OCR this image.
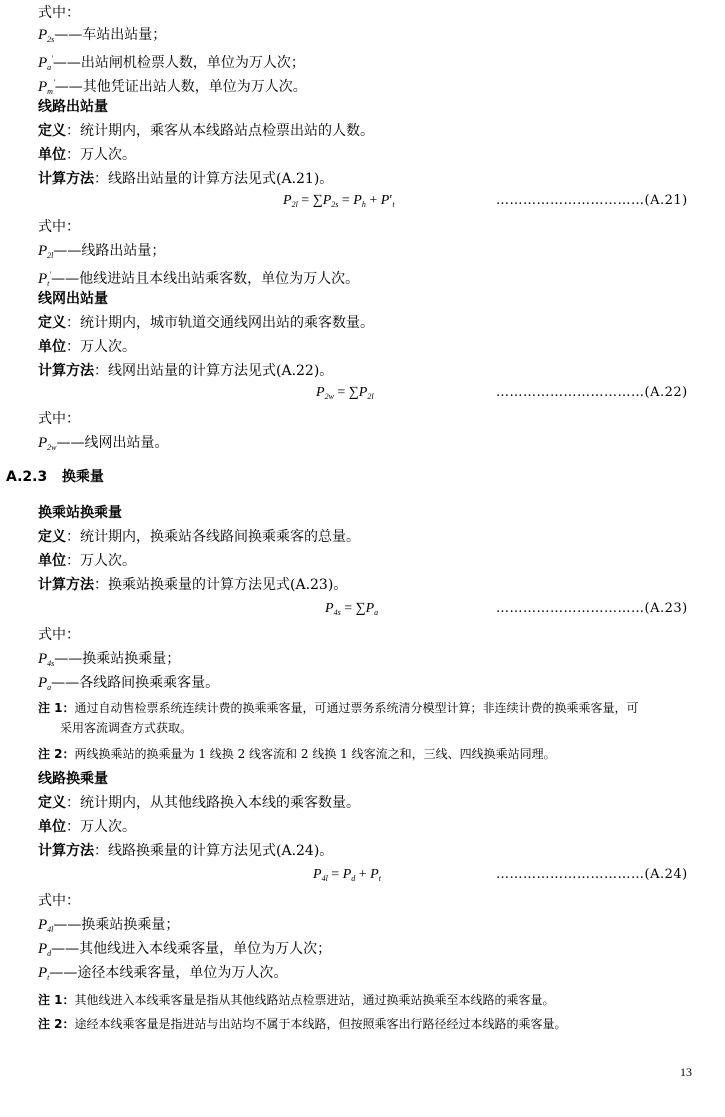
式中：
$P_{2s}——$车站出站量；
$P_a'——$出站闸机检票人数，单位为万人次；
$P_m'——$其他凭证出站人数，单位为万人次。
线路出站量
定义：统计期内，乘客从本线路站点检票出站的人数。
单位：万人次。
计算方法：线路出站量的计算方法见式(A.21)。
$P_{2l} = \sum P_{2s} = P_h + P'_t$	……………………………(A.21)
式中：
$P_{2l}——$线路出站量；
$P_t'——$他线进站且本线出站乘客数，单位为万人次。
线网出站量
定义：统计期内，城市轨道交通线网出站的乘客数量。
单位：万人次。
计算方法：线网出站量的计算方法见式(A.22)。
$P_{2w} = \sum P_{2l}$	……………………………(A.22)
式中：
$P_{2w}——$线网出站量。
A.2.3 换乘量
换乘站换乘量
定义：统计期内，换乘站各线路间换乘乘客的总量。
单位：万人次。
计算方法：换乘站换乘量的计算方法见式(A.23)。
$P_{4s} = \sum P_a$	……………………………(A.23)
式中：
$P_{4s}——$换乘站换乘量；
$P_a——$各线路间换乘乘客量。
注 1：通过自动售检票系统连续计费的换乘乘客量，可通过票务系统清分模型计算；非连续计费的换乘乘客量，可
采用客流调查方式获取。
注 2：两线换乘站的换乘量为 1 线换 2 线客流和 2 线换 1 线客流之和，三线、四线换乘站同理。
线路换乘量
定义：统计期内，从其他线路换入本线的乘客数量。
单位：万人次。
计算方法：线路换乘量的计算方法见式(A.24)。
$P_{4l} = P_d + P_t$	……………………………(A.24)
式中：
$P_{4l}——$换乘站换乘量；
$P_d——$其他线进入本线乘客量，单位为万人次；
$P_t——$途径本线乘客量，单位为万人次。
注 1：其他线进入本线乘客量是指从其他线路站点检票进站，通过换乘站换乘至本线路的乘客量。
注 2：途经本线乘客量是指进站与出站均不属于本线路，但按照乘客出行路径经过本线路的乘客量。
13
